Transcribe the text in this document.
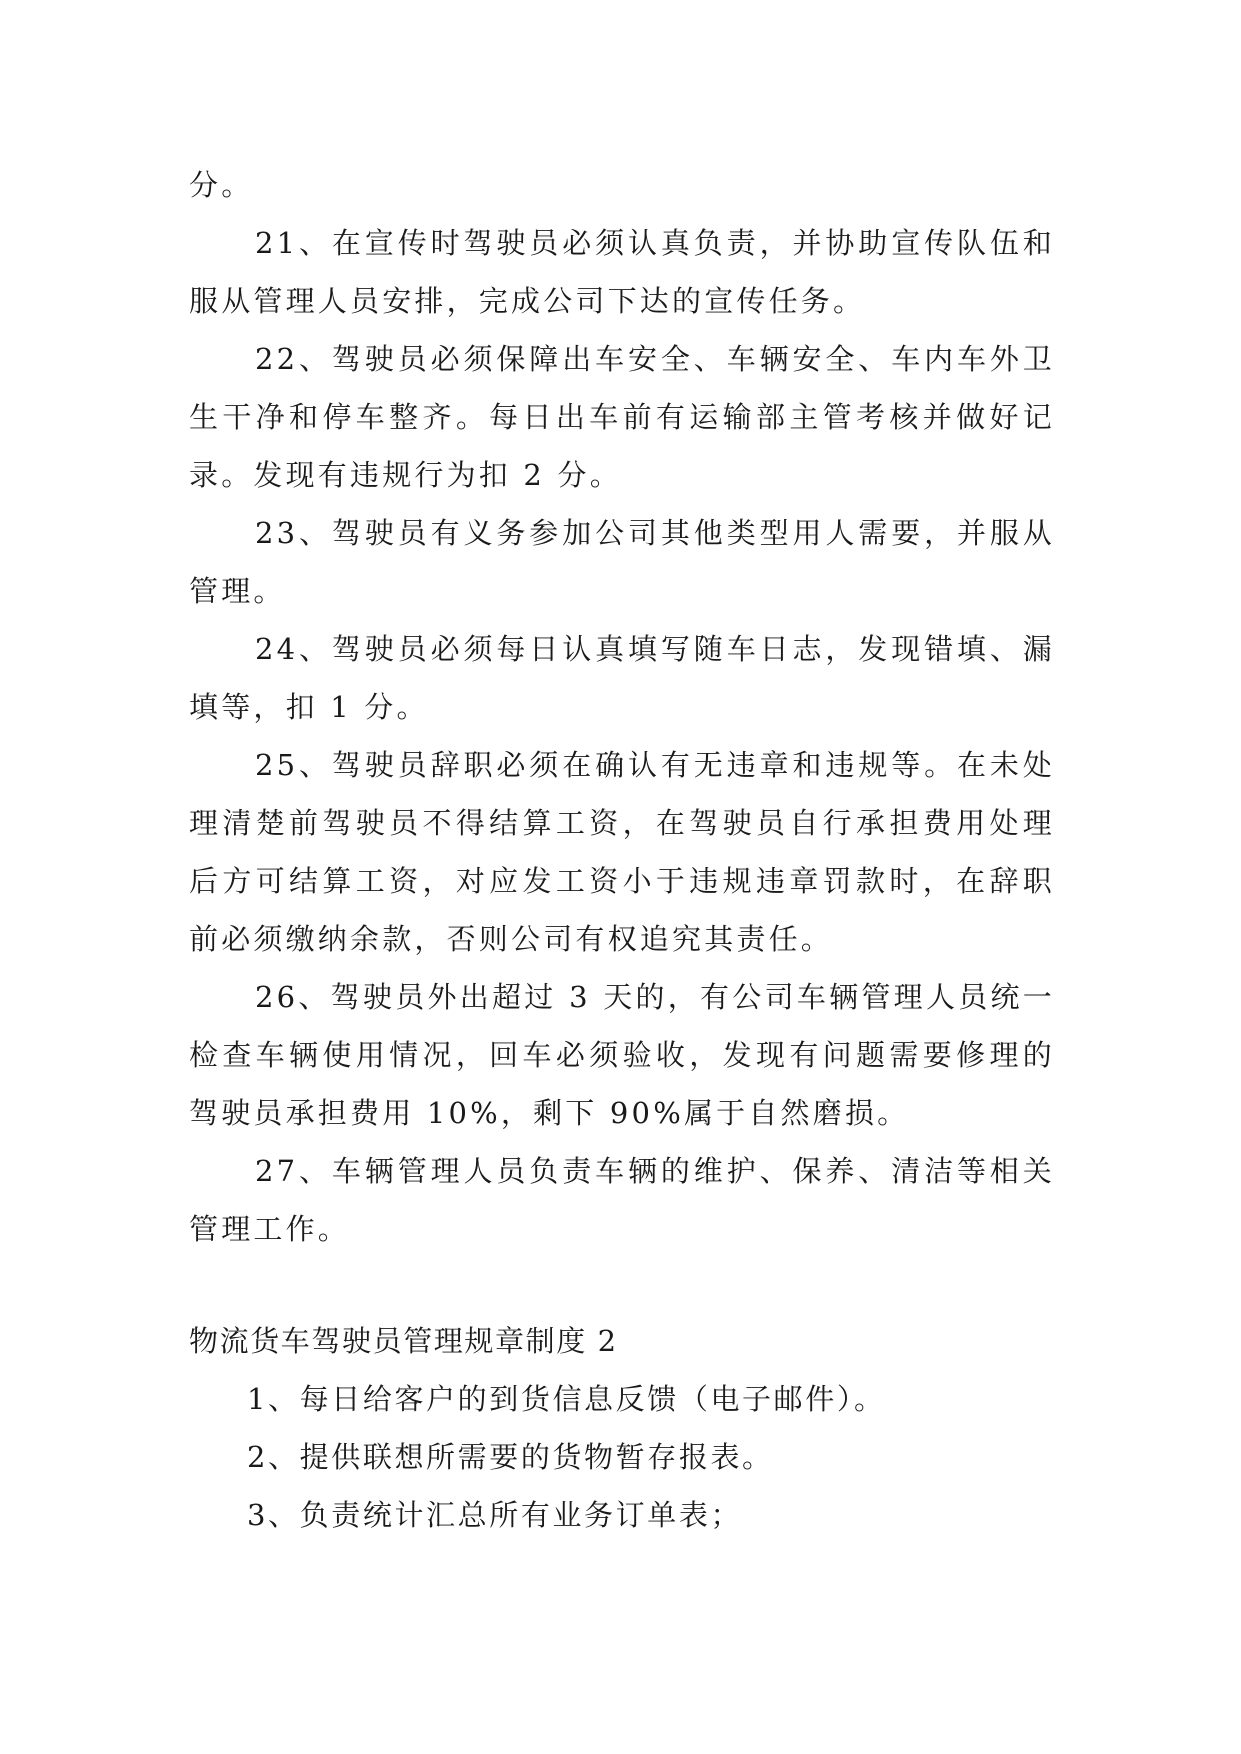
分。

21、在宣传时驾驶员必须认真负责，并协助宣传队伍和服从管理人员安排，完成公司下达的宣传任务。

22、驾驶员必须保障出车安全、车辆安全、车内车外卫生干净和停车整齐。每日出车前有运输部主管考核并做好记录。发现有违规行为扣 2 分。

23、驾驶员有义务参加公司其他类型用人需要，并服从管理。

24、驾驶员必须每日认真填写随车日志，发现错填、漏填等，扣 1 分。

25、驾驶员辞职必须在确认有无违章和违规等。在未处理清楚前驾驶员不得结算工资，在驾驶员自行承担费用处理后方可结算工资，对应发工资小于违规违章罚款时，在辞职前必须缴纳余款，否则公司有权追究其责任。

26、驾驶员外出超过 3 天的，有公司车辆管理人员统一检查车辆使用情况，回车必须验收，发现有问题需要修理的驾驶员承担费用 10%，剩下 90%属于自然磨损。

27、车辆管理人员负责车辆的维护、保养、清洁等相关管理工作。

物流货车驾驶员管理规章制度 2

1、每日给客户的到货信息反馈（电子邮件）。

2、提供联想所需要的货物暂存报表。

3、负责统计汇总所有业务订单表；
